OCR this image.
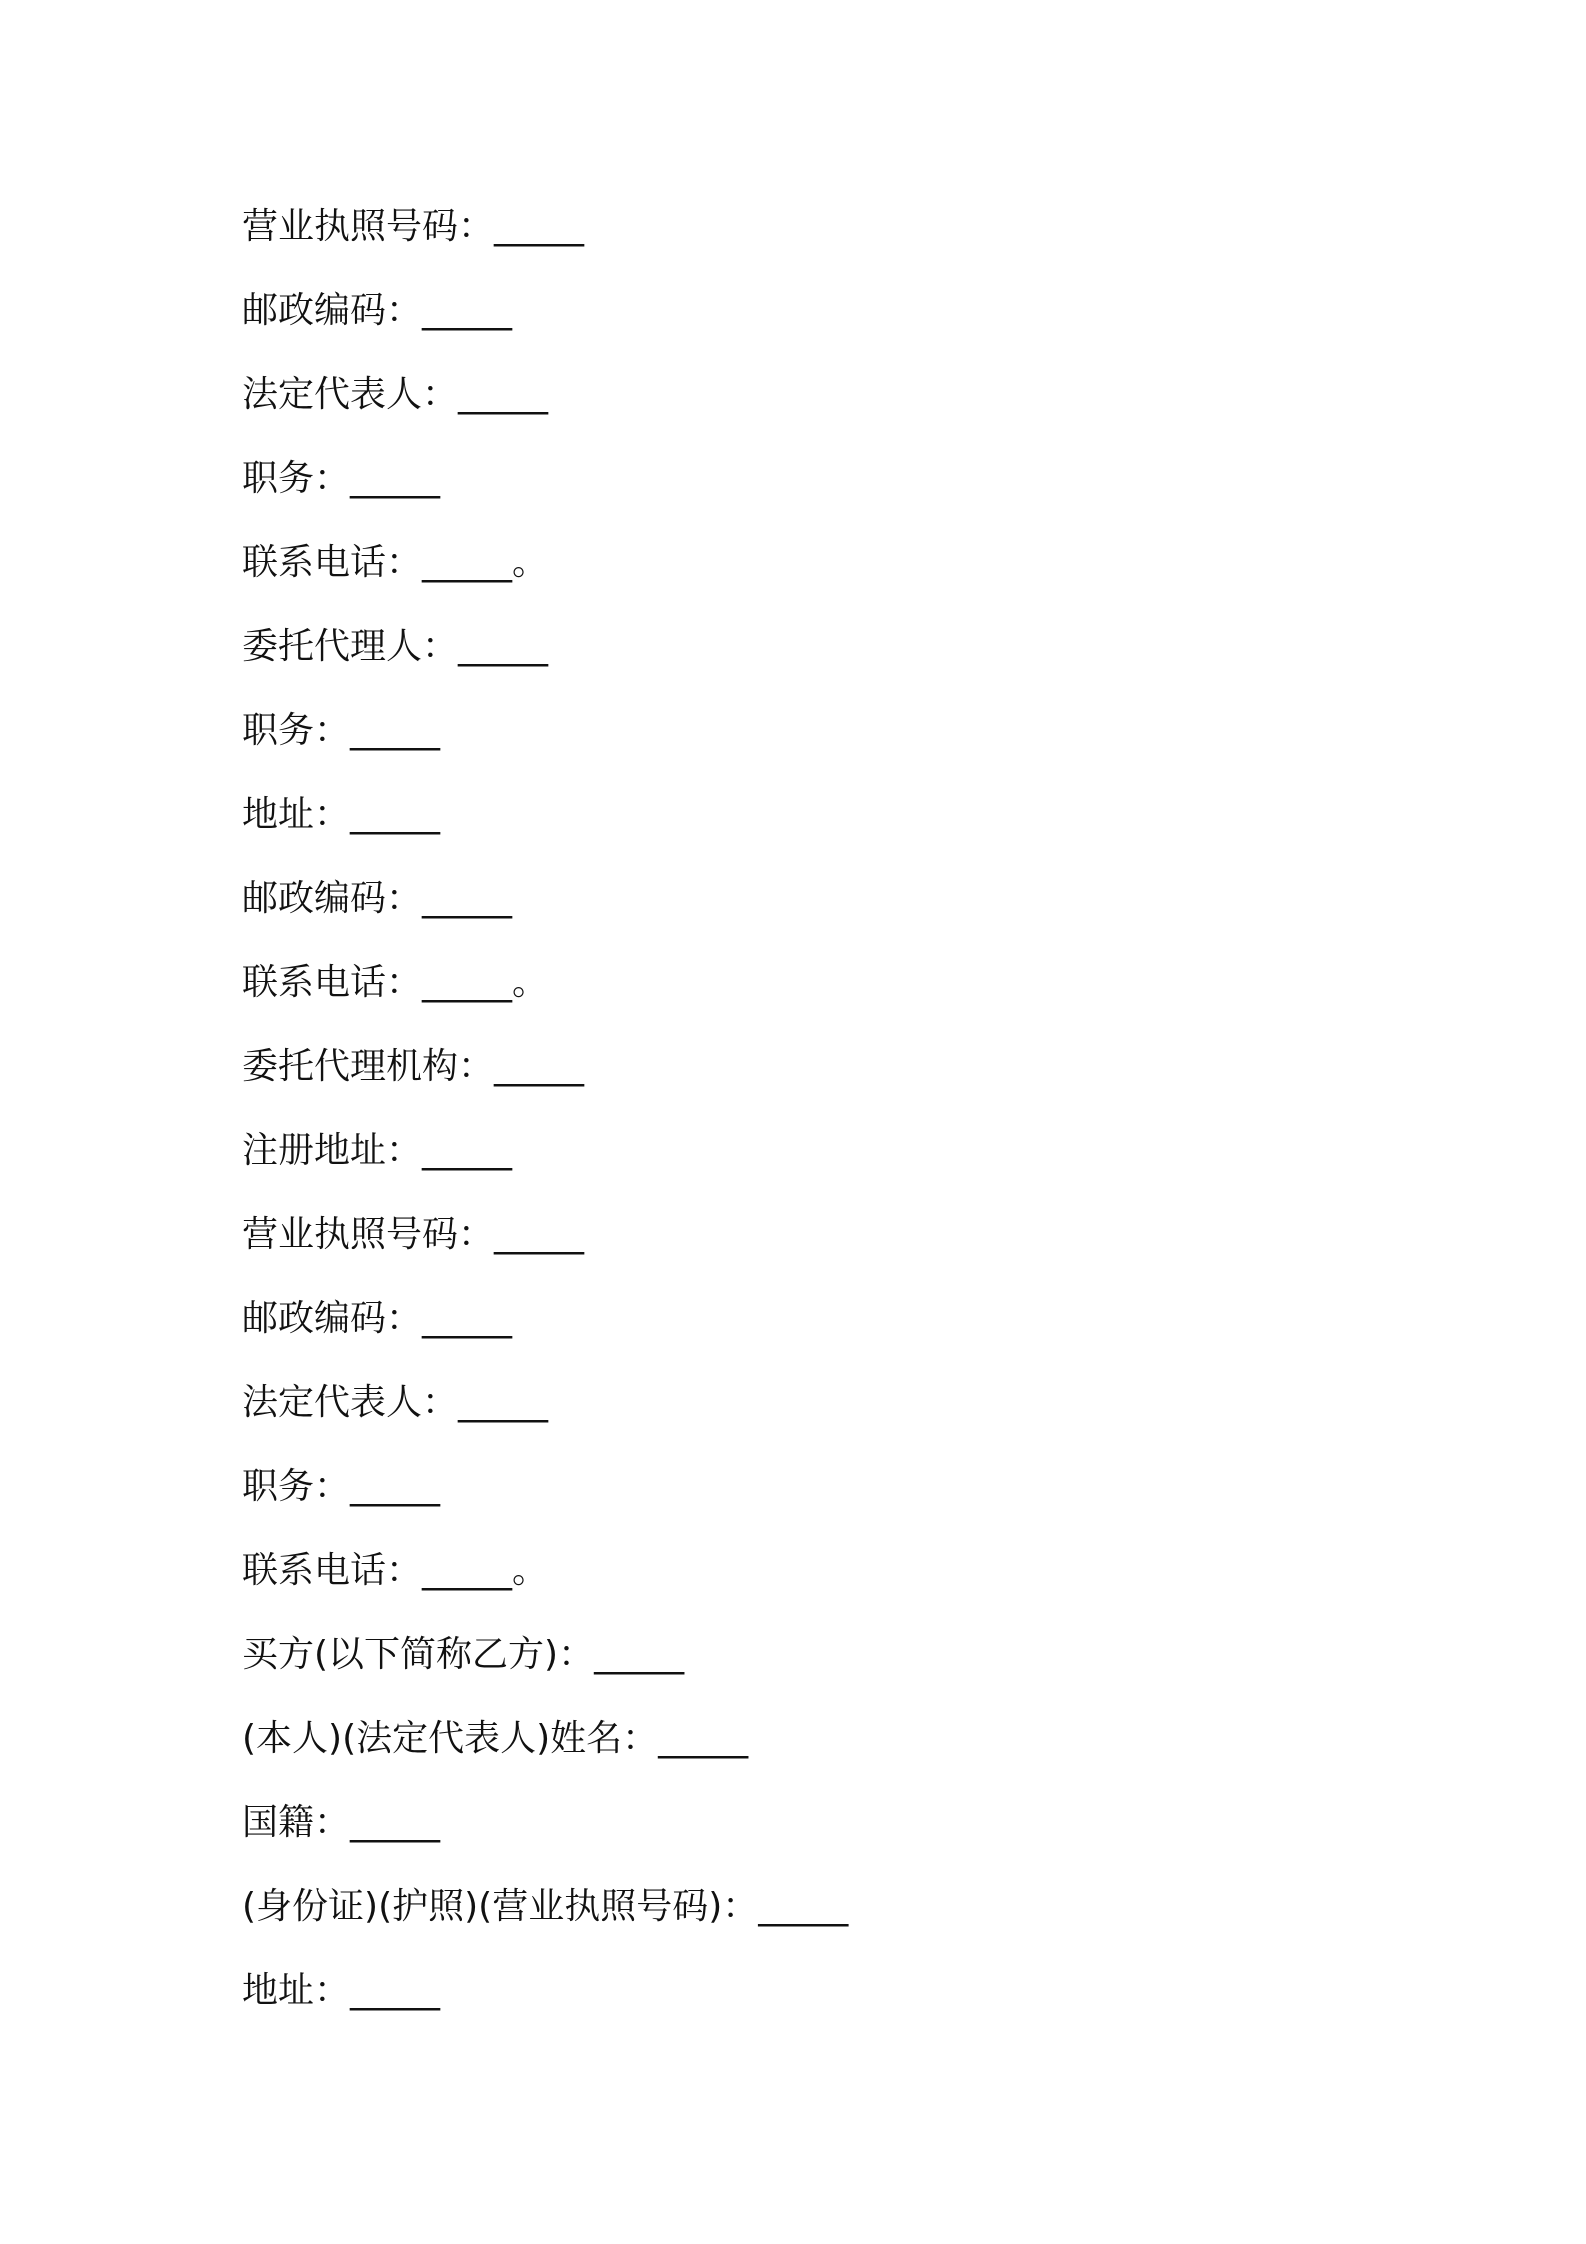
营业执照号码：_____
邮政编码：_____
法定代表人：_____
职务：_____
联系电话：_____。
委托代理人：_____
职务：_____
地址：_____
邮政编码：_____
联系电话：_____。
委托代理机构：_____
注册地址：_____
营业执照号码：_____
邮政编码：_____
法定代表人：_____
职务：_____
联系电话：_____。
买方(以下简称乙方)：_____
(本人)(法定代表人)姓名：_____
国籍：_____
(身份证)(护照)(营业执照号码)：_____
地址：_____
